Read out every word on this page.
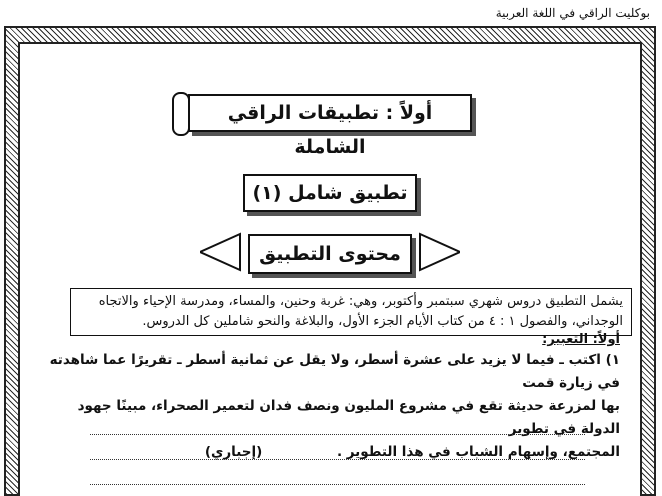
بوكليت الراقي في اللغة العربية
أولاً : تطبيقات الراقي الشاملة
تطبيق شامل (١)
محتوى التطبيق
يشمل التطبيق دروس شهري سبتمبر وأكتوبر، وهي: غربة وحنين، والمساء، ومدرسة الإحياء والاتجاه
الوجداني، والفصول ١ : ٤ من كتاب الأيام الجزء الأول، والبلاغة والنحو شاملين كل الدروس.
أولاً: التعبير:
١) اكتب ـ فيما لا يزيد على عشرة أسطر، ولا يقل عن ثمانية أسطر ـ تقريرًا عما شاهدته في زيارة قمت
بها لمزرعة حديثة تقع في مشروع المليون ونصف فدان لتعمير الصحراء، مبينًا جهود الدولة في تطوير
المجتمع، وإسهام الشباب في هذا التطوير . (إجباري)
